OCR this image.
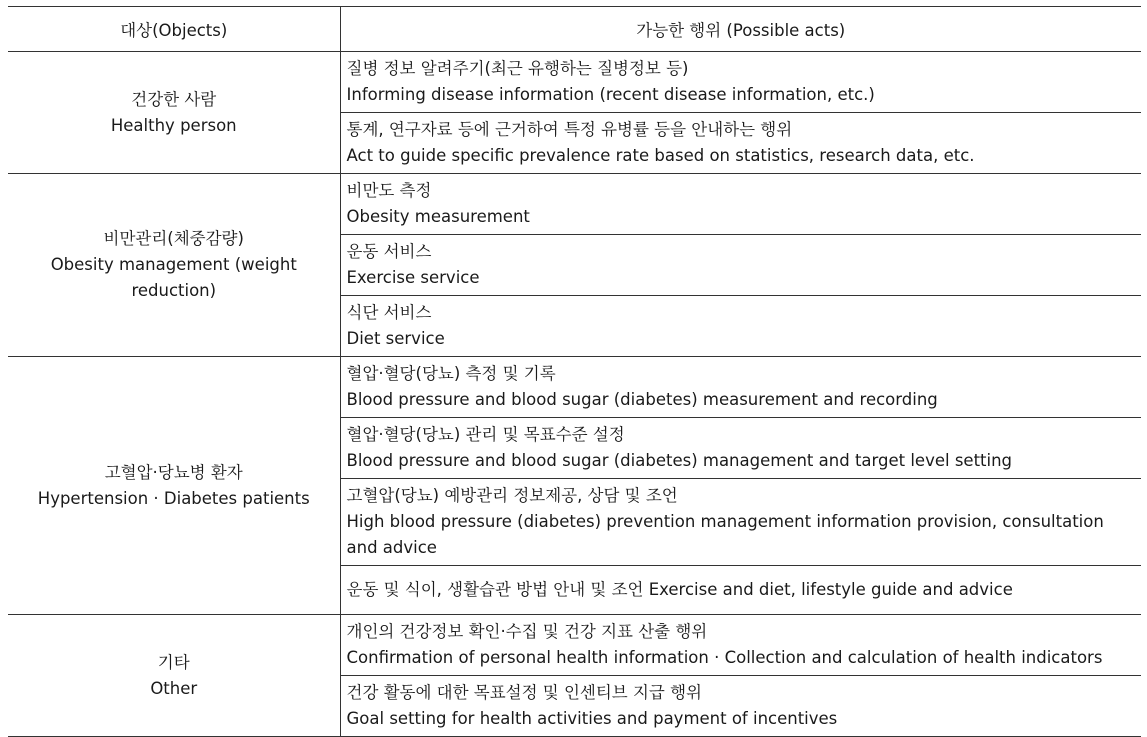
대상(Objects)	가능한 행위 (Possible acts)

건강한 사람
Healthy person	질병 정보 알려주기(최근 유행하는 질병정보 등)
Informing disease information (recent disease information, etc.)

	통계, 연구자료 등에 근거하여 특정 유병률 등을 안내하는 행위
Act to guide specific prevalence rate based on statistics, research data, etc.

비만관리(체중감량)
Obesity management (weight reduction)	비만도 측정
Obesity measurement

	운동 서비스
Exercise service

	식단 서비스
Diet service

고혈압·당뇨병 환자
Hypertension · Diabetes patients	혈압·혈당(당뇨) 측정 및 기록
Blood pressure and blood sugar (diabetes) measurement and recording

	혈압·혈당(당뇨) 관리 및 목표수준 설정
Blood pressure and blood sugar (diabetes) management and target level setting

	고혈압(당뇨) 예방관리 정보제공, 상담 및 조언
High blood pressure (diabetes) prevention management information provision, consultation and advice

	운동 및 식이, 생활습관 방법 안내 및 조언 Exercise and diet, lifestyle guide and advice

기타
Other	개인의 건강정보 확인·수집 및 건강 지표 산출 행위
Confirmation of personal health information · Collection and calculation of health indicators

	건강 활동에 대한 목표설정 및 인센티브 지급 행위
Goal setting for health activities and payment of incentives
